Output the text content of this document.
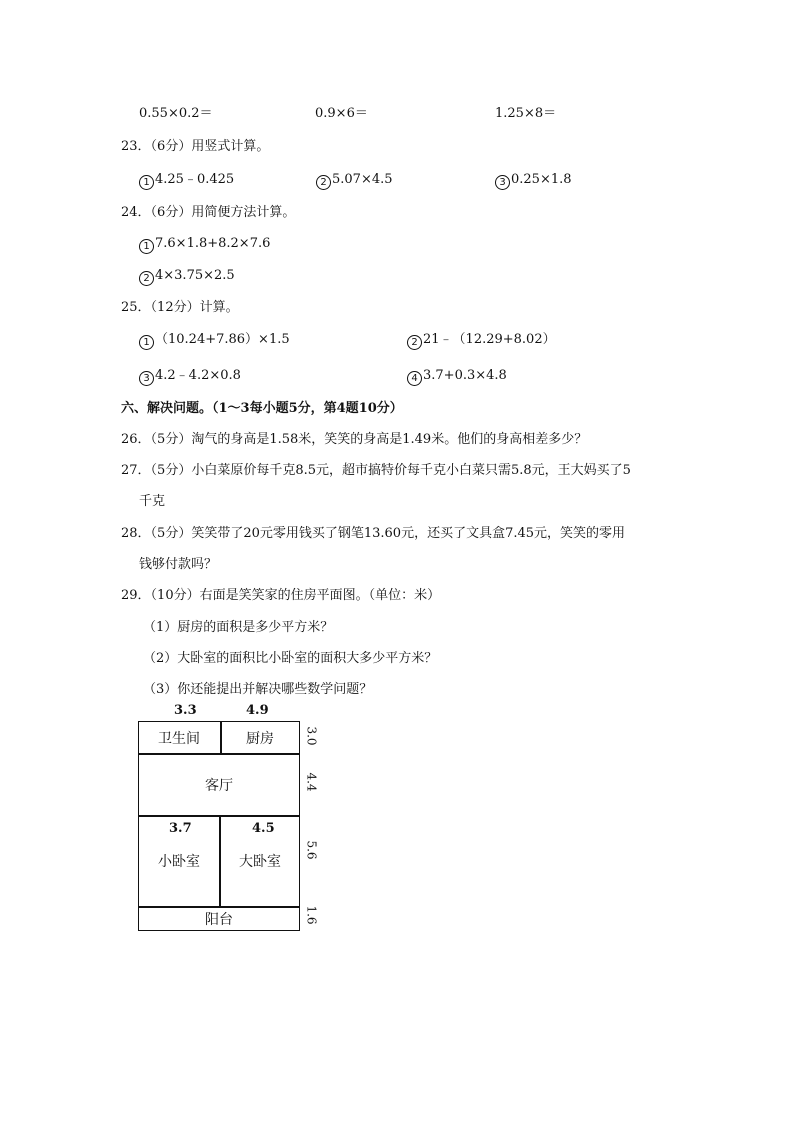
0.55×0.2＝	0.9×6＝	1.25×8＝
23．（6分）用竖式计算。
1 4.25﹣0.425	2 5.07×4.5	3 0.25×1.8
24．（6分）用简便方法计算。
1 7.6×1.8+8.2×7.6
2 4×3.75×2.5
25．（12分）计算。
1 （10.24+7.86）×1.5	2 21﹣（12.29+8.02）
3 4.2﹣4.2×0.8	4 3.7+0.3×4.8
六、解决问题。（1～3每小题5分，第4题10分）
26．（5分）淘气的身高是1.58米，笑笑的身高是1.49米。他们的身高相差多少？
27．（5分）小白菜原价每千克8.5元，超市搞特价每千克小白菜只需5.8元，王大妈买了5
千克
28．（5分）笑笑带了20元零用钱买了钢笔13.60元，还买了文具盒7.45元，笑笑的零用
钱够付款吗？
29．（10分）右面是笑笑家的住房平面图。（单位：米）
（1）厨房的面积是多少平方米？
（2）大卧室的面积比小卧室的面积大多少平方米？
（3）你还能提出并解决哪些数学问题？
3.3	4.9
卫生间	厨房
客厅
3.7	4.5
小卧室	大卧室
阳台
3.0
4.4
5.6
1.6
